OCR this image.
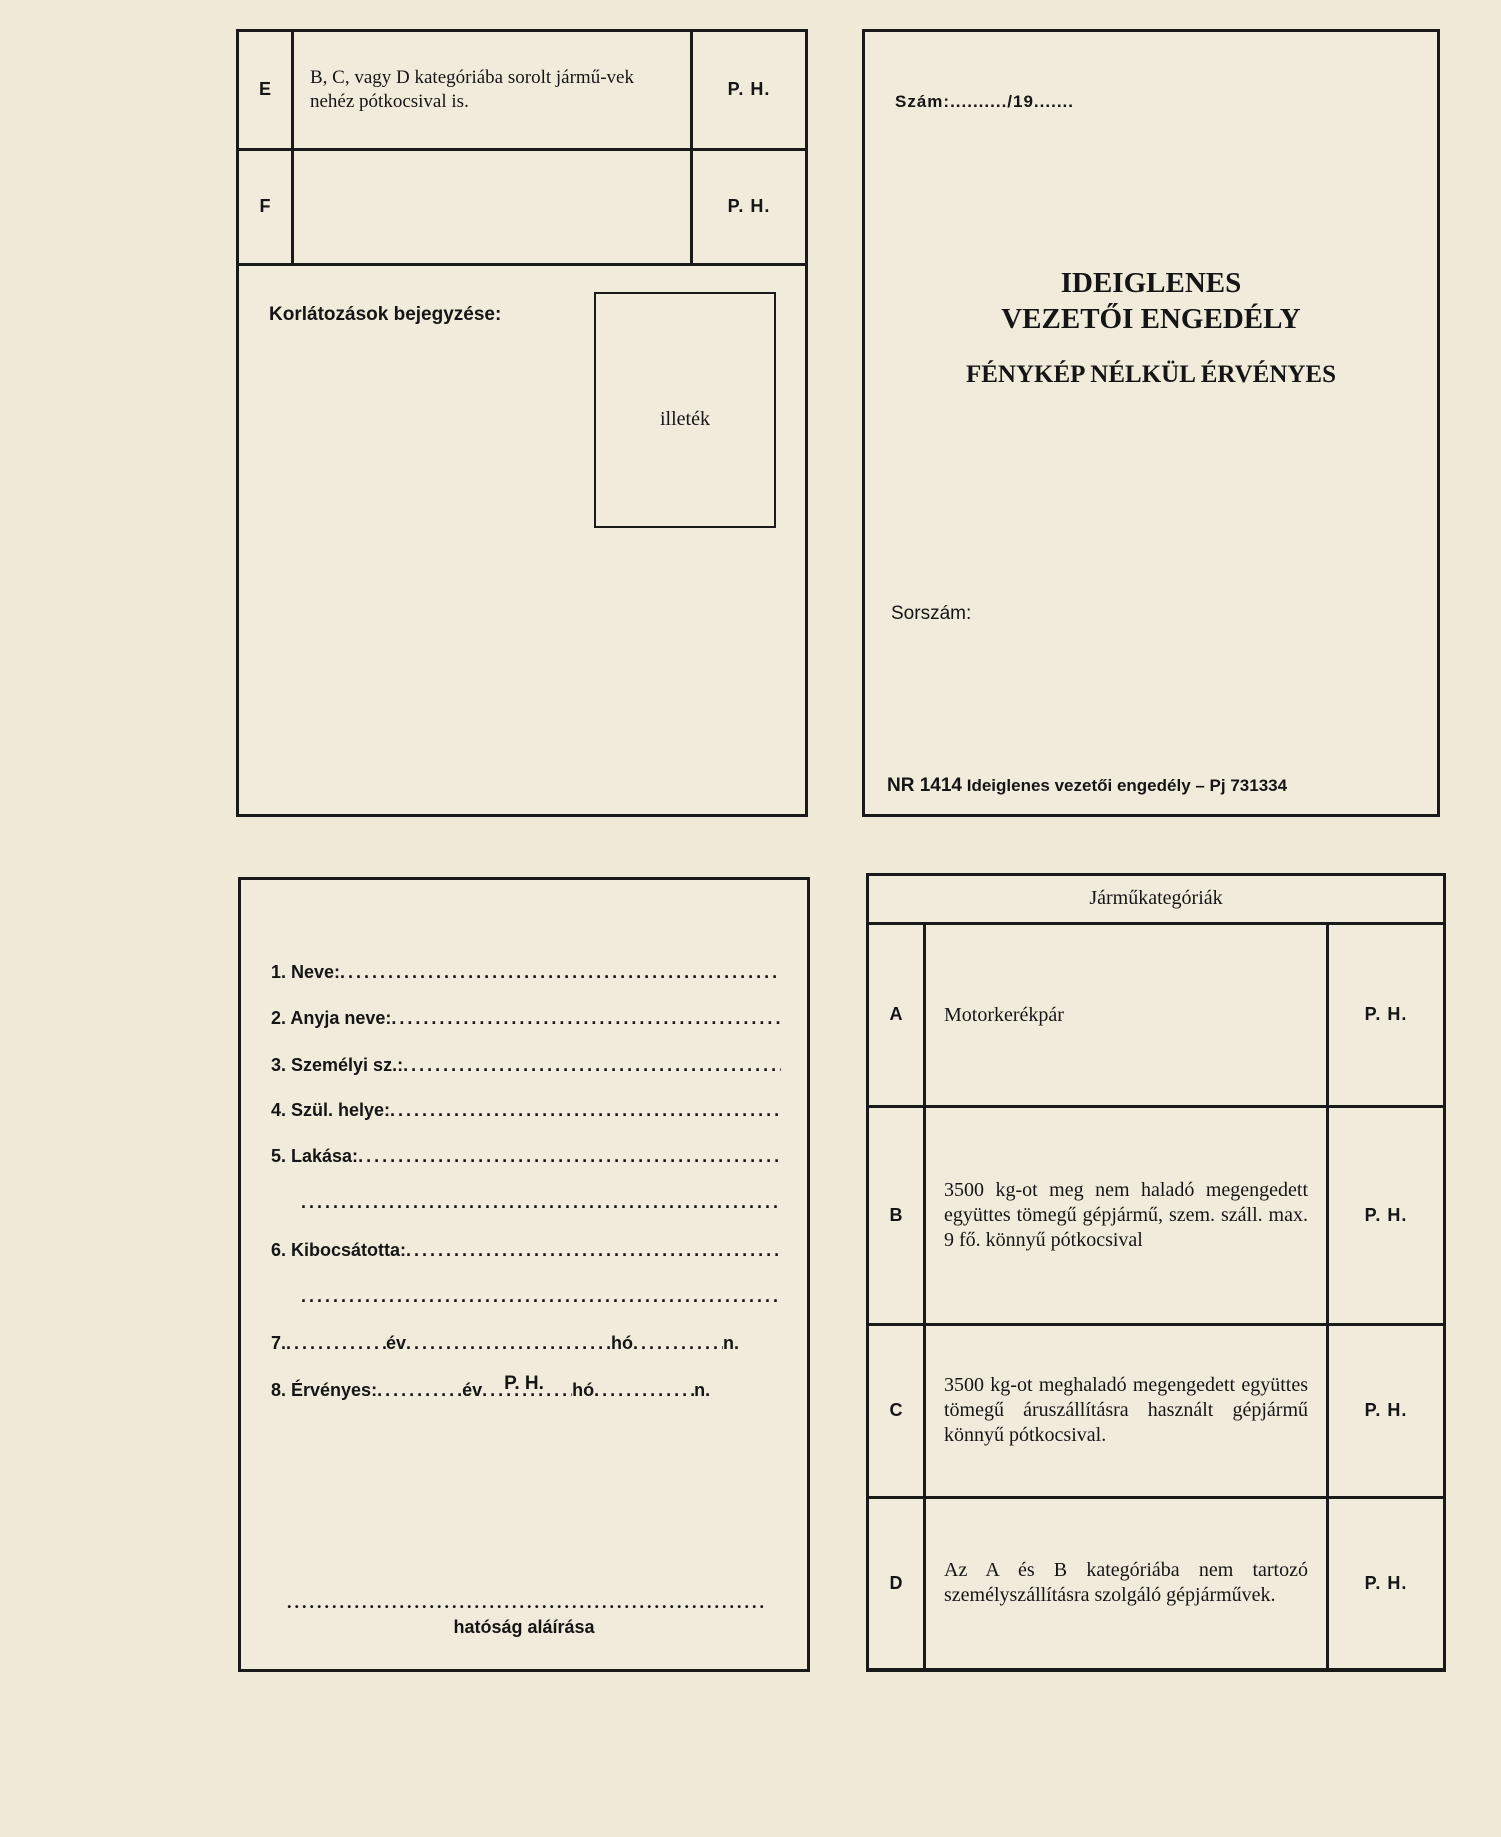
E	B, C, vagy D kategóriába sorolt jármű-vek nehéz pótkocsival is.	P. H.
F		P. H.
Korlátozások bejegyzése:
illeték
Szám:........../19.......
IDEIGLENES
VEZETŐI ENGEDÉLY
FÉNYKÉP NÉLKÜL ÉRVÉNYES
Sorszám:
NR 1414 Ideiglenes vezetői engedély – Pj 731334
1. Neve:
.....
2. Anyja neve:
.....
3. Személyi sz.:
.....
4. Szül. helye:
.....
5. Lakása:
.....
.....
6. Kibocsátotta:
.....
.....
7. .....	év .....	hó .....	n.
8. Érvényes: .....	év .....	hó .....	n.
P. H.
.....
hatóság aláírása
Járműkategóriák		
A	Motorkerékpár	P. H.
B	3500 kg-ot meg nem haladó megengedett együttes tömegű gépjármű, szem. száll. max. 9 fő. könnyű pótkocsival	P. H.
C	3500 kg-ot meghaladó megengedett együttes tömegű áruszállításra használt gépjármű könnyű pótkocsival.	P. H.
D	Az A és B kategóriába nem tartozó személyszállításra szolgáló gépjárművek.	P. H.
